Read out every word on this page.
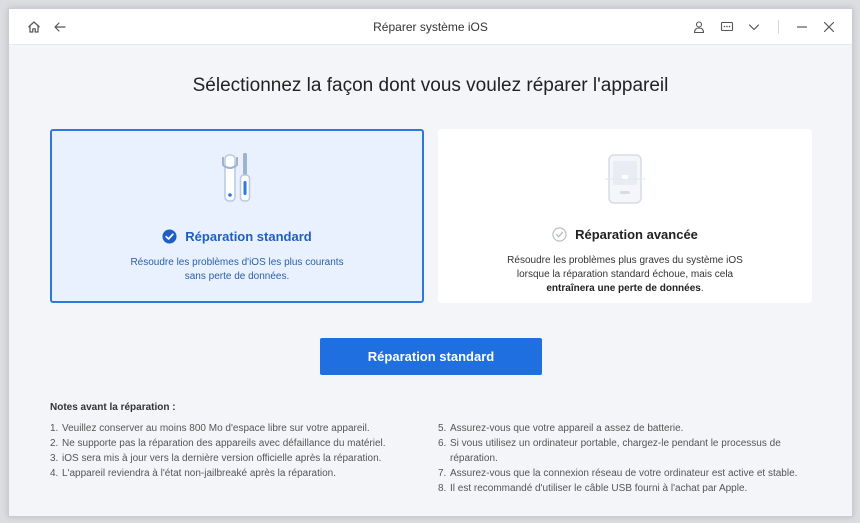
Réparer système iOS
Sélectionnez la façon dont vous voulez réparer l'appareil
Réparation standard
Résoudre les problèmes d'iOS les plus courants
sans perte de données.
Réparation avancée
Résoudre les problèmes plus graves du système iOS
lorsque la réparation standard échoue, mais cela
entraînera une perte de données.
Réparation standard
Notes avant la réparation :
1. Veuillez conserver au moins 800 Mo d'espace libre sur votre appareil.
2. Ne supporte pas la réparation des appareils avec défaillance du matériel.
3. iOS sera mis à jour vers la dernière version officielle après la réparation.
4. L'appareil reviendra à l'état non-jailbreaké après la réparation.
5. Assurez-vous que votre appareil a assez de batterie.
6. Si vous utilisez un ordinateur portable, chargez-le pendant le processus de réparation.
7. Assurez-vous que la connexion réseau de votre ordinateur est active et stable.
8. Il est recommandé d'utiliser le câble USB fourni à l'achat par Apple.
